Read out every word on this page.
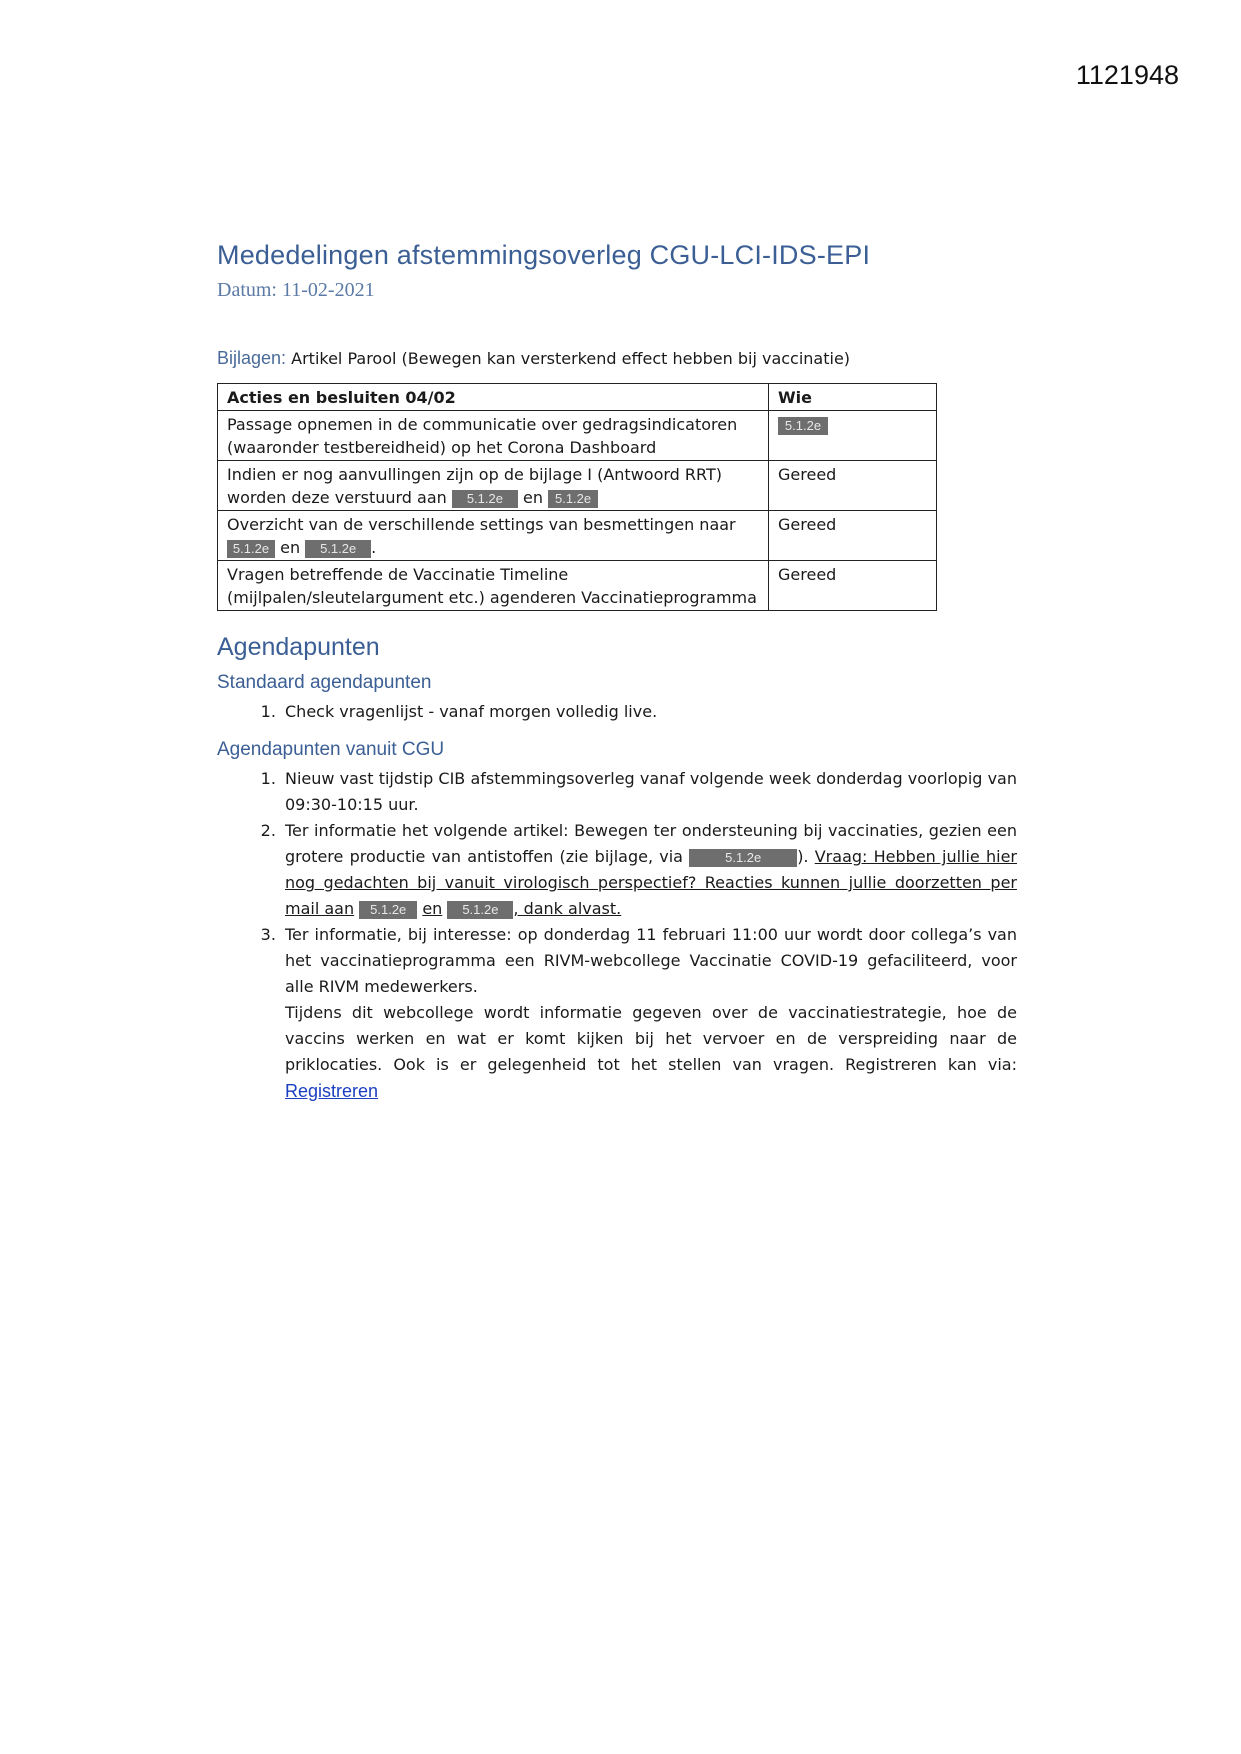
1121948
Mededelingen afstemmingsoverleg CGU-LCI-IDS-EPI
Datum: 11-02-2021
Bijlagen: Artikel Parool (Bewegen kan versterkend effect hebben bij vaccinatie)
Acties en besluiten 04/02	Wie
Passage opnemen in de communicatie over gedragsindicatoren (waaronder testbereidheid) op het Corona Dashboard	5.1.2e
Indien er nog aanvullingen zijn op de bijlage I (Antwoord RRT) worden deze verstuurd aan 5.1.2e en 5.1.2e	Gereed
Overzicht van de verschillende settings van besmettingen naar 5.1.2e en 5.1.2e .	Gereed
Vragen betreffende de Vaccinatie Timeline (mijlpalen/sleutelargument etc.) agenderen Vaccinatieprogramma	Gereed
Agendapunten
Standaard agendapunten
1. Check vragenlijst - vanaf morgen volledig live.
Agendapunten vanuit CGU
1. Nieuw vast tijdstip CIB afstemmingsoverleg vanaf volgende week donderdag voorlopig van 09:30-10:15 uur.
2. Ter informatie het volgende artikel: Bewegen ter ondersteuning bij vaccinaties, gezien een grotere productie van antistoffen (zie bijlage, via	5.1.2e ). Vraag: Hebben jullie hier nog gedachten bij vanuit virologisch perspectief? Reacties kunnen jullie doorzetten per mail aan 5.1.2e en 5.1.2e , dank alvast.
3. Ter informatie, bij interesse: op donderdag 11 februari 11:00 uur wordt door collega’s van het vaccinatieprogramma een RIVM-webcollege Vaccinatie COVID-19 gefaciliteerd, voor alle RIVM medewerkers.
Tijdens dit webcollege wordt informatie gegeven over de vaccinatiestrategie, hoe de vaccins werken en wat er komt kijken bij het vervoer en de verspreiding naar de priklocaties. Ook is er gelegenheid tot het stellen van vragen. Registreren kan via: Registreren
